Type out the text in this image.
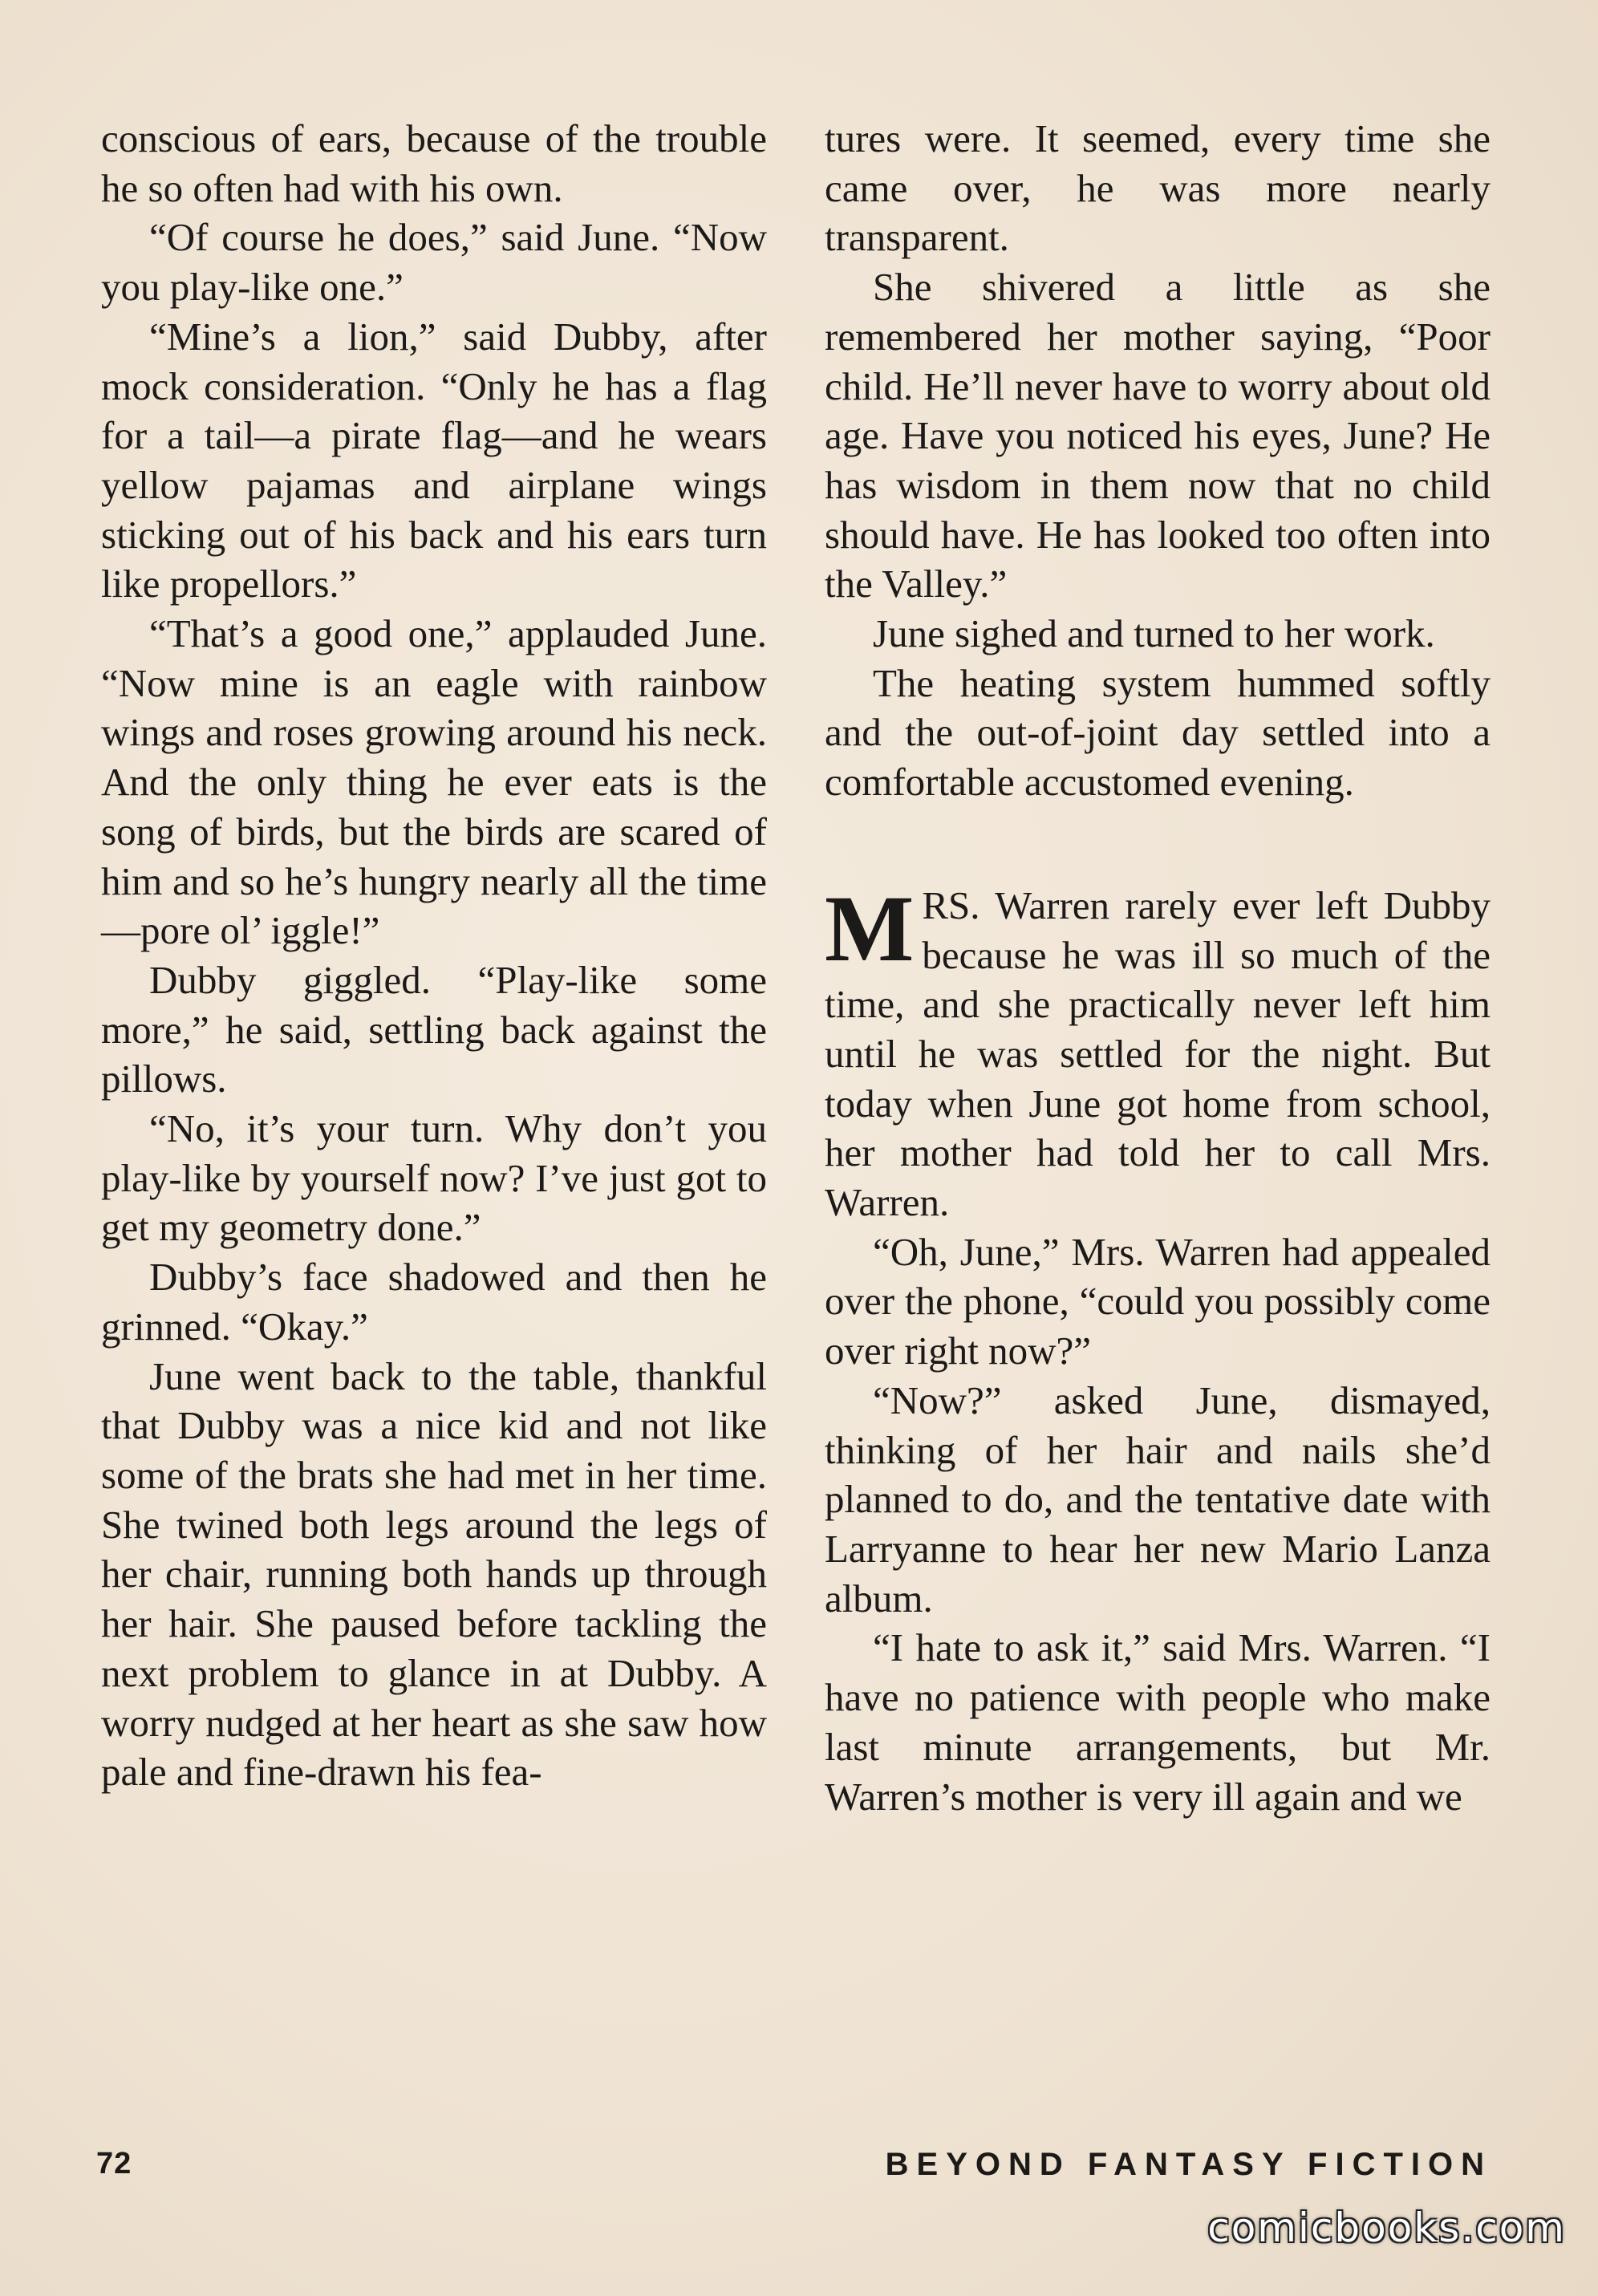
conscious of ears, because of the trouble he so often had with his own.

“Of course he does,” said June. “Now you play-like one.”

“Mine’s a lion,” said Dubby, after mock consideration. “Only he has a flag for a tail—a pirate flag—and he wears yellow pajamas and airplane wings sticking out of his back and his ears turn like propellors.”

“That’s a good one,” applauded June. “Now mine is an eagle with rainbow wings and roses growing around his neck. And the only thing he ever eats is the song of birds, but the birds are scared of him and so he’s hungry nearly all the time—pore ol’ iggle!”

Dubby giggled. “Play-like some more,” he said, settling back against the pillows.

“No, it’s your turn. Why don’t you play-like by yourself now? I’ve just got to get my geometry done.”

Dubby’s face shadowed and then he grinned. “Okay.”

June went back to the table, thankful that Dubby was a nice kid and not like some of the brats she had met in her time. She twined both legs around the legs of her chair, running both hands up through her hair. She paused before tackling the next problem to glance in at Dubby. A worry nudged at her heart as she saw how pale and fine-drawn his fea-

tures were. It seemed, every time she came over, he was more nearly transparent.

She shivered a little as she remembered her mother saying, “Poor child. He’ll never have to worry about old age. Have you noticed his eyes, June? He has wisdom in them now that no child should have. He has looked too often into the Valley.”

June sighed and turned to her work.

The heating system hummed softly and the out-of-joint day settled into a comfortable accustomed evening.

MRS. Warren rarely ever left Dubby because he was ill so much of the time, and she practically never left him until he was settled for the night. But today when June got home from school, her mother had told her to call Mrs. Warren.

“Oh, June,” Mrs. Warren had appealed over the phone, “could you possibly come over right now?”

“Now?” asked June, dismayed, thinking of her hair and nails she’d planned to do, and the tentative date with Larryanne to hear her new Mario Lanza album.

“I hate to ask it,” said Mrs. Warren. “I have no patience with people who make last minute arrangements, but Mr. Warren’s mother is very ill again and we

72	BEYOND FANTASY FICTION
comicbooks.com
